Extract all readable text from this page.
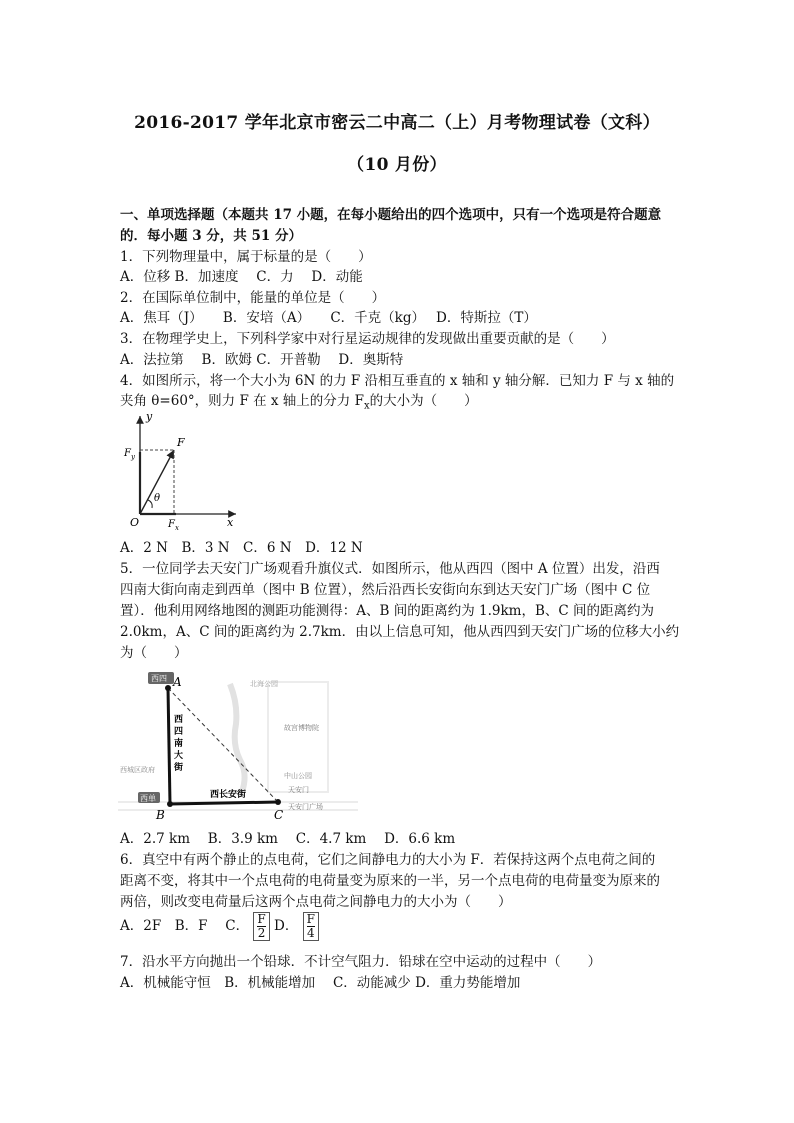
2016-2017 学年北京市密云二中高二（上）月考物理试卷（文科）
（10 月份）
一、单项选择题（本题共 17 小题，在每小题给出的四个选项中，只有一个选项是符合题意
的．每小题 3 分，共 51 分）
1．下列物理量中，属于标量的是（　　）
A．位移 B．加速度　 C．力　 D．动能
2．在国际单位制中，能量的单位是（　　）
A．焦耳（J）　　B．安培（A）　　C．千克（kg）　 D．特斯拉（T）
3．在物理学史上，下列科学家中对行星运动规律的发现做出重要贡献的是（　　）
A．法拉第　 B．欧姆 C．开普勒　 D．奥斯特
4．如图所示，将一个大小为 6N 的力 F 沿相互垂直的 x 轴和 y 轴分解．已知力 F 与 x 轴的
夹角 θ=60°，则力 F 在 x 轴上的分力 $F_x$的大小为（　　）
y
x
F
$F_y$
$F_x$
θ
O
A．2 N　B．3 N　C．6 N　D．12 N
5．一位同学去天安门广场观看升旗仪式．如图所示，他从西四（图中 A 位置）出发，沿西
四南大街向南走到西单（图中 B 位置），然后沿西长安街向东到达天安门广场（图中 C 位
置）．他利用网络地图的测距功能测得：A、B 间的距离约为 1.9km，B、C 间的距离约为
2.0km，A、C 间的距离约为 2.7km．由以上信息可知，他从西四到天安门广场的位移大小约
为（　　）
西四
西单
A
B	C
西
四
南
大
街
西长安街
北海公园
故宫博物院
中山公园
天安门
天安门广场
西城区政府
A．2.7 km　 B．3.9 km　 C．4.7 km　 D．6.6 km
6．真空中有两个静止的点电荷，它们之间静电力的大小为 F．若保持这两个点电荷之间的
距离不变，将其中一个点电荷的电荷量变为原来的一半，另一个点电荷的电荷量变为原来的
两倍，则改变电荷量后这两个点电荷之间静电力的大小为（　　）
A．2F　B．F　 C． $\frac{F}{2}$ D． $\frac{F}{4}$
7．沿水平方向抛出一个铅球．不计空气阻力．铅球在空中运动的过程中（　　）
A．机械能守恒　B．机械能增加　 C．动能减少 D．重力势能增加
